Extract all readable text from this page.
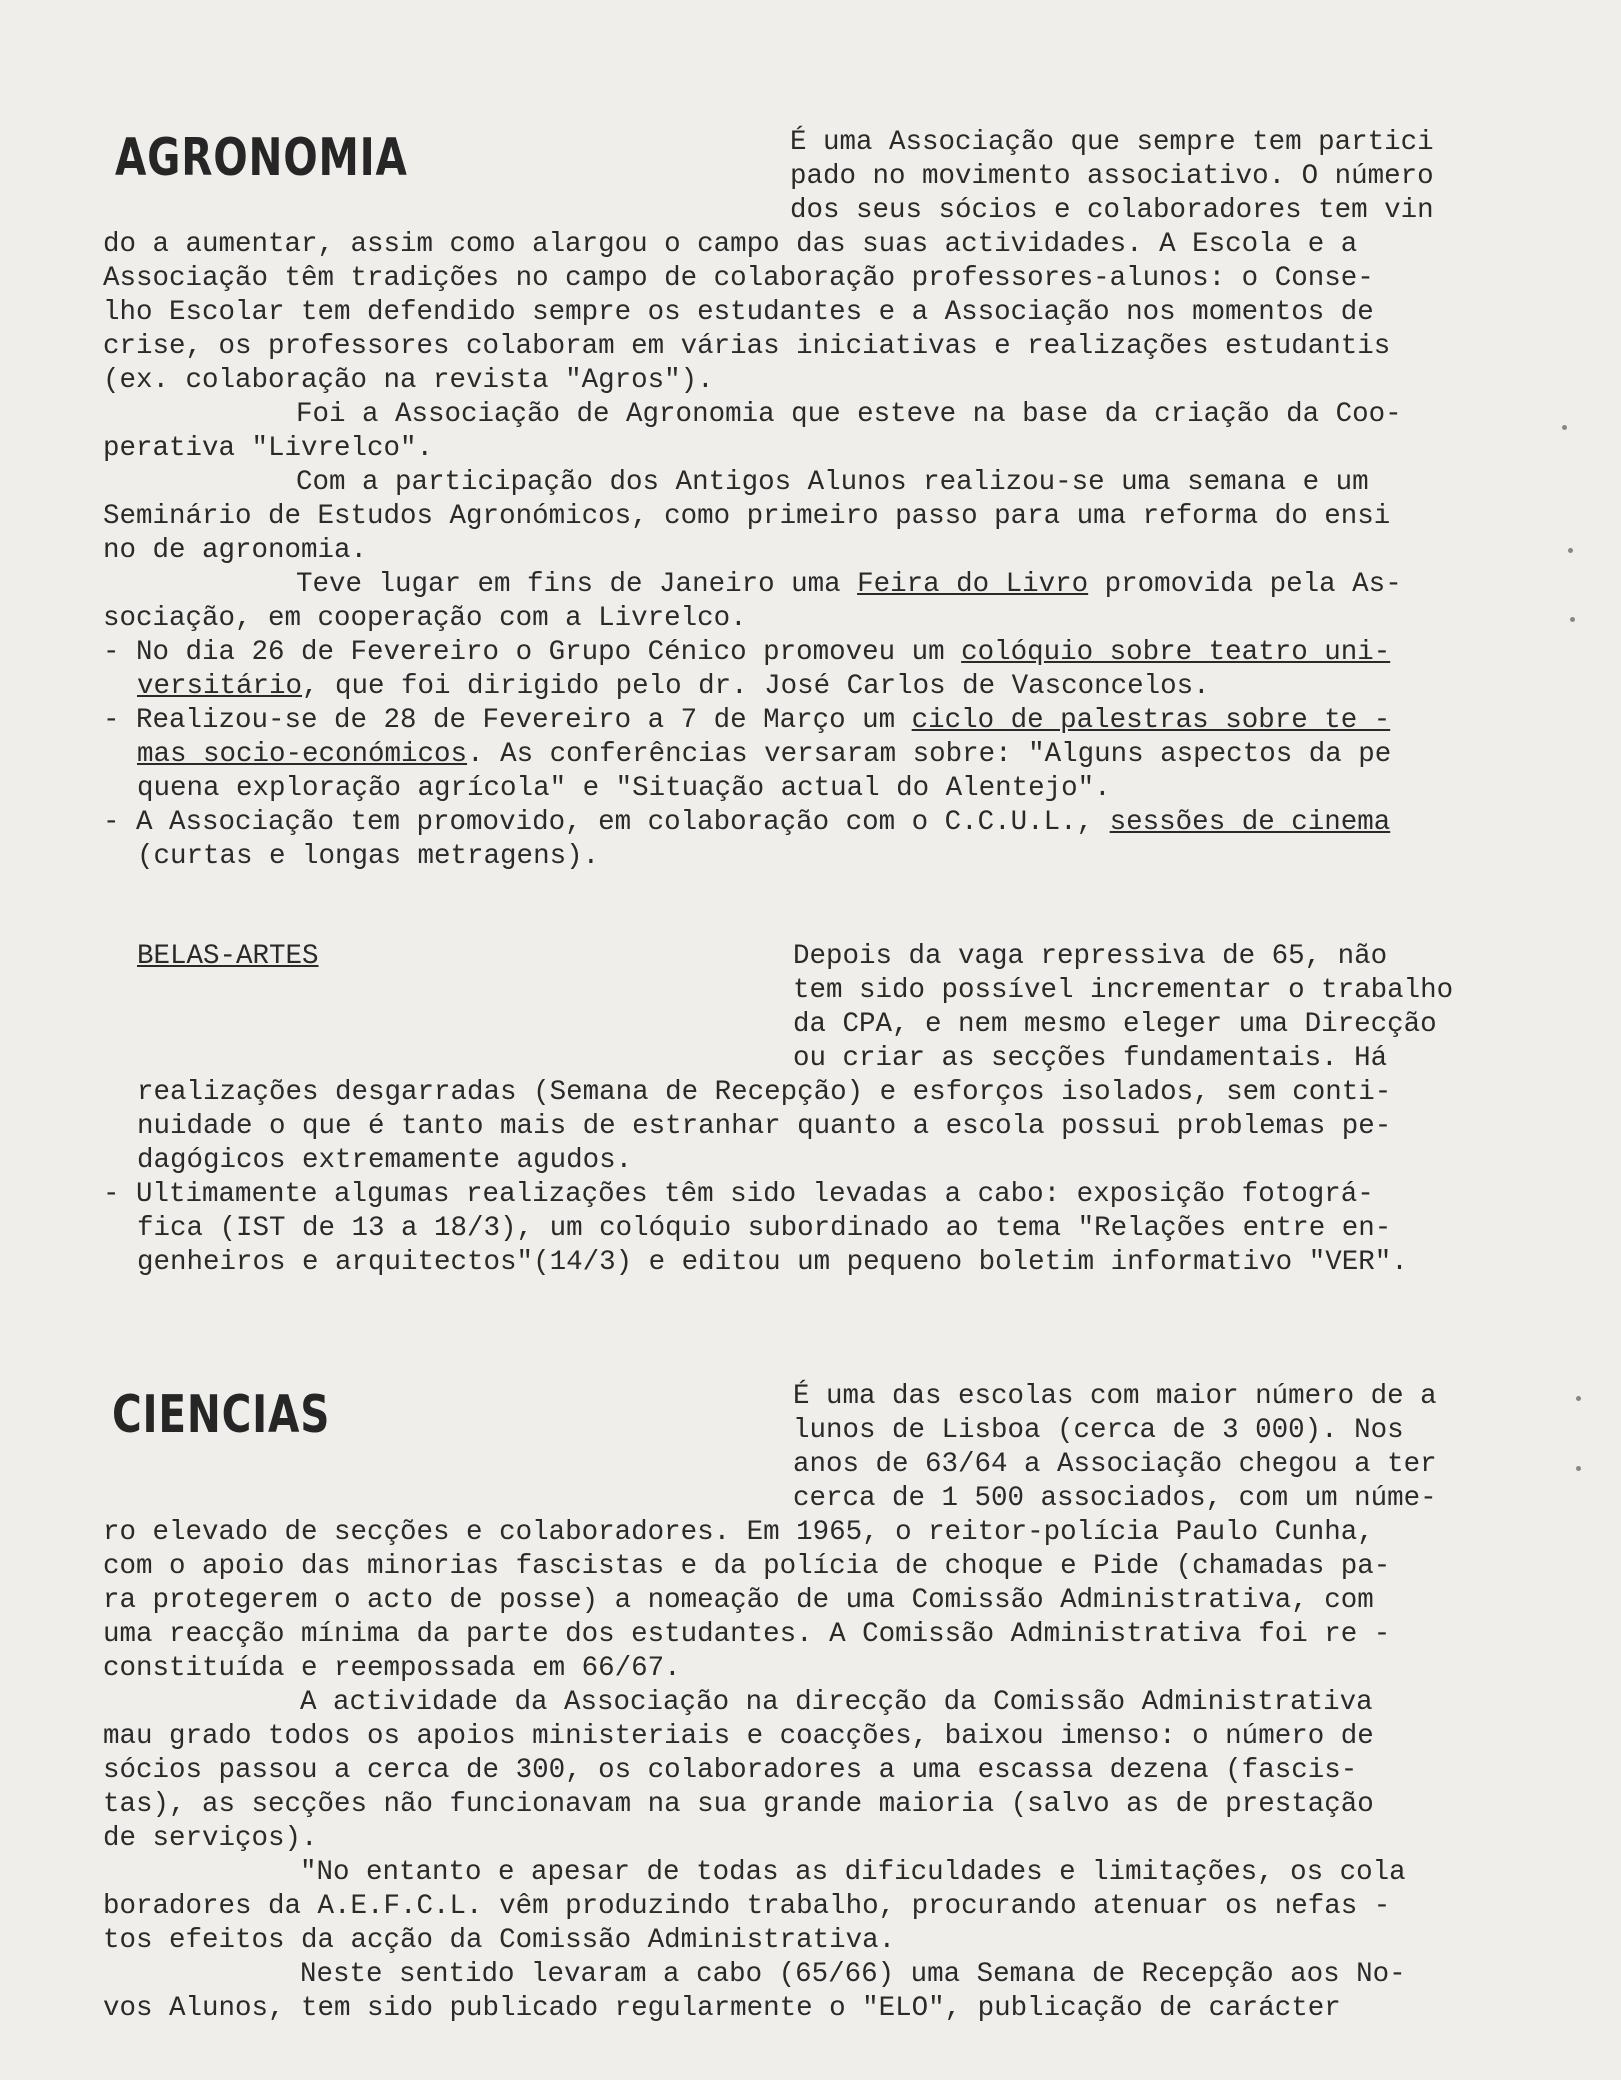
AGRONOMIA	É uma Associação que sempre tem partici
pado no movimento associativo. O número
dos seus sócios e colaboradores tem vin
do a aumentar, assim como alargou o campo das suas actividades. A Escola e a
Associação têm tradições no campo de colaboração professores-alunos: o Conse-
lho Escolar tem defendido sempre os estudantes e a Associação nos momentos de
crise, os professores colaboram em várias iniciativas e realizações estudantis
(ex. colaboração na revista "Agros").
Foi a Associação de Agronomia que esteve na base da criação da Coo-
perativa "Livrelco".
Com a participação dos Antigos Alunos realizou-se uma semana e um
Seminário de Estudos Agronómicos, como primeiro passo para uma reforma do ensi
no de agronomia.
Teve lugar em fins de Janeiro uma Feira do Livro promovida pela As-
sociação, em cooperação com a Livrelco.
- No dia 26 de Fevereiro o Grupo Cénico promoveu um colóquio sobre teatro uni-
versitário, que foi dirigido pelo dr. José Carlos de Vasconcelos.
- Realizou-se de 28 de Fevereiro a 7 de Março um ciclo de palestras sobre te -
mas socio-económicos. As conferências versaram sobre: "Alguns aspectos da pe
quena exploração agrícola" e "Situação actual do Alentejo".
- A Associação tem promovido, em colaboração com o C.C.U.L., sessões de cinema
(curtas e longas metragens).
BELAS-ARTES	Depois da vaga repressiva de 65, não
tem sido possível incrementar o trabalho
da CPA, e nem mesmo eleger uma Direcção
ou criar as secções fundamentais. Há
realizações desgarradas (Semana de Recepção) e esforços isolados, sem conti-
nuidade o que é tanto mais de estranhar quanto a escola possui problemas pe-
dagógicos extremamente agudos.
- Ultimamente algumas realizações têm sido levadas a cabo: exposição fotográ-
fica (IST de 13 a 18/3), um colóquio subordinado ao tema "Relações entre en-
genheiros e arquitectos"(14/3) e editou um pequeno boletim informativo "VER".
CIENCIAS	É uma das escolas com maior número de a
lunos de Lisboa (cerca de 3 000). Nos
anos de 63/64 a Associação chegou a ter
cerca de 1 500 associados, com um núme-
ro elevado de secções e colaboradores. Em 1965, o reitor-polícia Paulo Cunha,
com o apoio das minorias fascistas e da polícia de choque e Pide (chamadas pa-
ra protegerem o acto de posse) a nomeação de uma Comissão Administrativa, com
uma reacção mínima da parte dos estudantes. A Comissão Administrativa foi re -
constituída e reempossada em 66/67.
A actividade da Associação na direcção da Comissão Administrativa
mau grado todos os apoios ministeriais e coacções, baixou imenso: o número de
sócios passou a cerca de 300, os colaboradores a uma escassa dezena (fascis-
tas), as secções não funcionavam na sua grande maioria (salvo as de prestação
de serviços).
"No entanto e apesar de todas as dificuldades e limitações, os cola
boradores da A.E.F.C.L. vêm produzindo trabalho, procurando atenuar os nefas -
tos efeitos da acção da Comissão Administrativa.
Neste sentido levaram a cabo (65/66) uma Semana de Recepção aos No-
vos Alunos, tem sido publicado regularmente o "ELO", publicação de carácter
